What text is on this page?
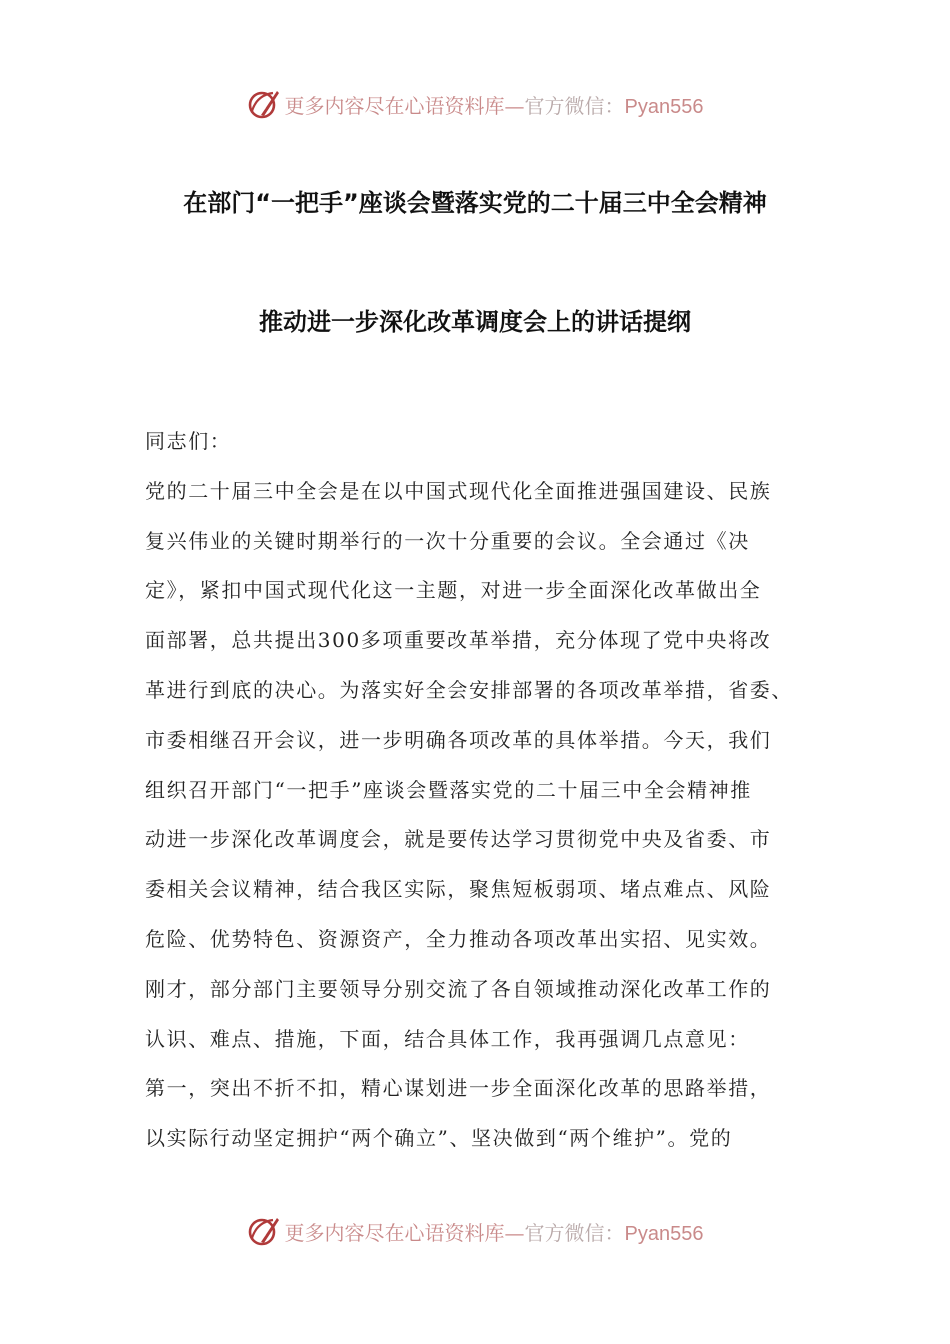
更多内容尽在心语资料库—官方微信：Pyan556
在部门“一把手”座谈会暨落实党的二十届三中全会精神
推动进一步深化改革调度会上的讲话提纲
同志们：
党的二十届三中全会是在以中国式现代化全面推进强国建设、民族
复兴伟业的关键时期举行的一次十分重要的会议。全会通过《决
定》，紧扣中国式现代化这一主题，对进一步全面深化改革做出全
面部署，总共提出300多项重要改革举措，充分体现了党中央将改
革进行到底的决心。为落实好全会安排部署的各项改革举措，省委、
市委相继召开会议，进一步明确各项改革的具体举措。今天，我们
组织召开部门“一把手”座谈会暨落实党的二十届三中全会精神推
动进一步深化改革调度会，就是要传达学习贯彻党中央及省委、市
委相关会议精神，结合我区实际，聚焦短板弱项、堵点难点、风险
危险、优势特色、资源资产，全力推动各项改革出实招、见实效。
刚才，部分部门主要领导分别交流了各自领域推动深化改革工作的
认识、难点、措施，下面，结合具体工作，我再强调几点意见：
第一，突出不折不扣，精心谋划进一步全面深化改革的思路举措，
以实际行动坚定拥护“两个确立”、坚决做到“两个维护”。党的
更多内容尽在心语资料库—官方微信：Pyan556
